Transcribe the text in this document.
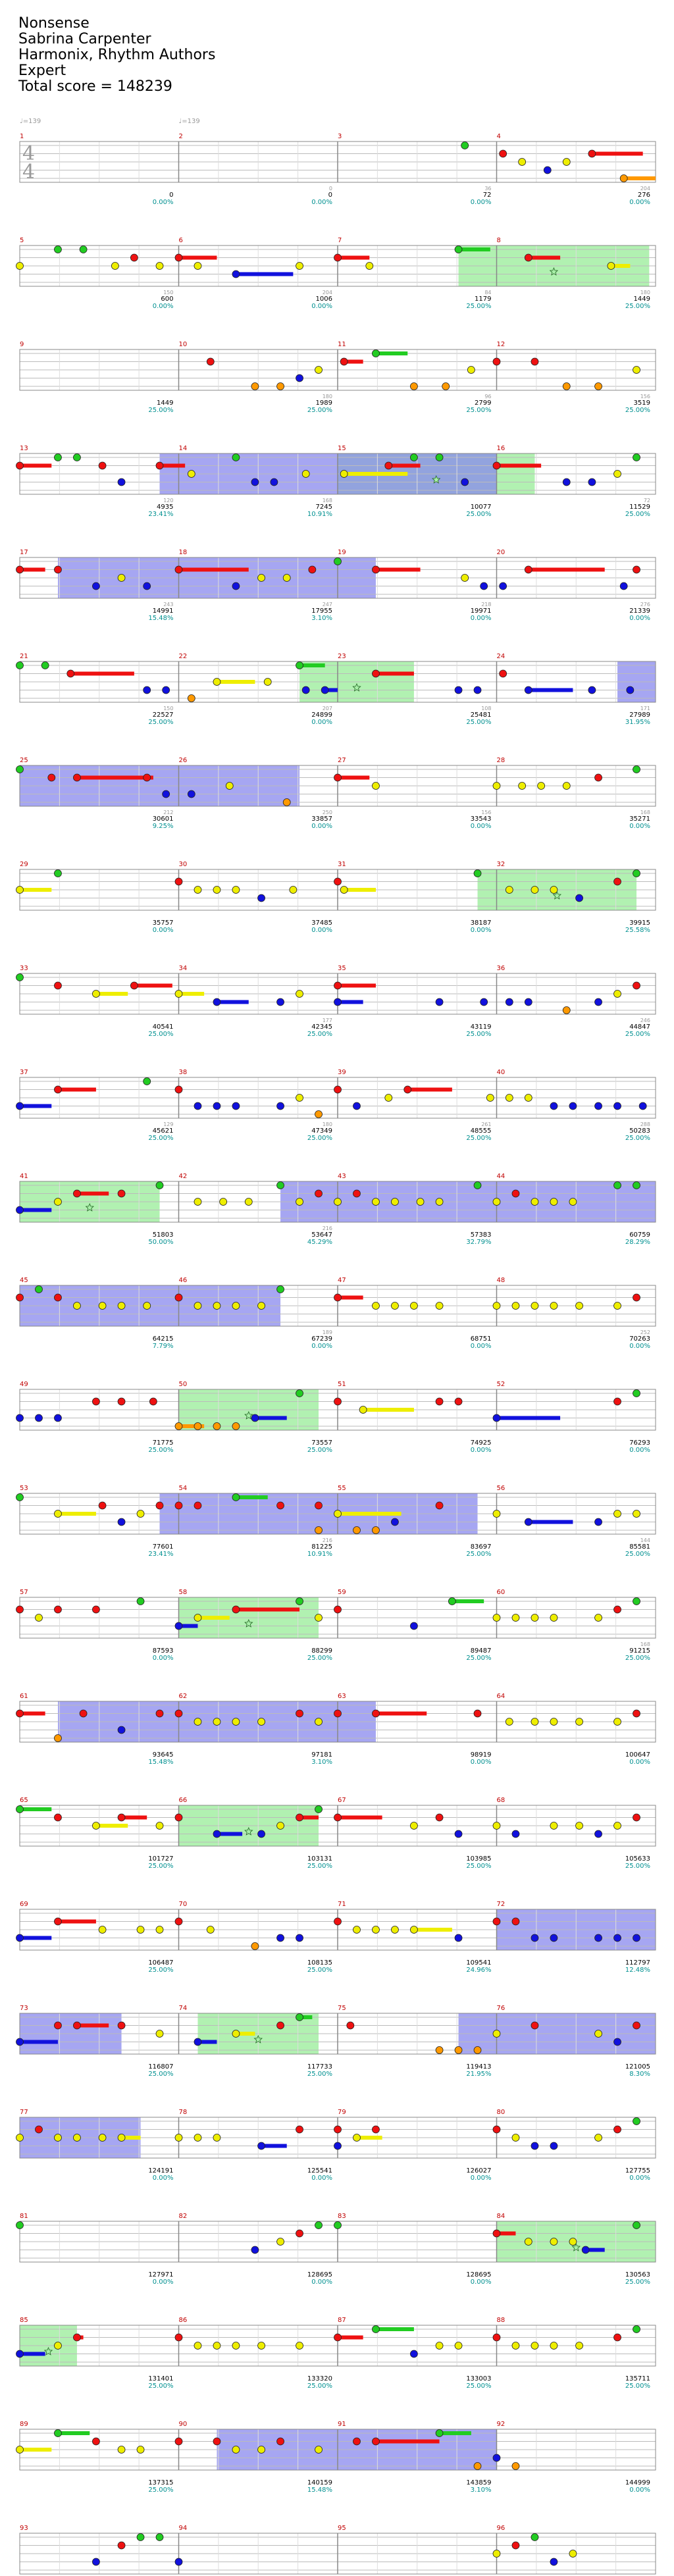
Nonsense
Sabrina Carpenter
Harmonix, Rhythm Authors
Expert
Total score = 148239
1	2	3	4
♩=139	♩=139
4
4
0
0.00%
0
0
0.00%
36
72
0.00%
204
276
0.00%
5	6	7	8
150
600
0.00%
204
1006
0.00%
84
1179
25.00%
180
1449
25.00%
9	10	11	12
1449
25.00%
180
1989
25.00%
96
2799
25.00%
156
3519
25.00%
13	14	15	16
120
4935
23.41%
168
7245
10.91%
10077
25.00%
72
11529
25.00%
17	18	19	20
243
14991
15.48%
247
17955
3.10%
218
19971
0.00%
276
21339
0.00%
21	22	23	24
150
22527
25.00%
207
24899
0.00%
108
25481
25.00%
171
27989
31.95%
25	26	27	28
212
30601
9.25%
250
33857
0.00%
156
33543
0.00%
168
35271
0.00%
29	30	31	32
35757
0.00%
37485
0.00%
38187
0.00%
39915
25.58%
33	34	35	36
40541
25.00%
177
42345
25.00%
43119
25.00%
246
44847
25.00%
37	38	39	40
129
45621
25.00%
180
47349
25.00%
261
48555
25.00%
288
50283
25.00%
41	42	43	44
51803
50.00%
216
53647
45.29%
57383
32.79%
60759
28.29%
45	46	47	48
64215
7.79%
189
67239
0.00%
68751
0.00%
252
70263
0.00%
49	50	51	52
71775
25.00%
73557
25.00%
74925
0.00%
76293
0.00%
53	54	55	56
77601
23.41%
216
81225
10.91%
83697
25.00%
144
85581
25.00%
57	58	59	60
87593
0.00%
88299
25.00%
89487
25.00%
168
91215
25.00%
61	62	63	64
93645
15.48%
97181
3.10%
98919
0.00%
100647
0.00%
65	66	67	68
101727
25.00%
103131
25.00%
103985
25.00%
105633
25.00%
69	70	71	72
106487
25.00%
108135
25.00%
109541
24.96%
112797
12.48%
73	74	75	76
116807
25.00%
117733
25.00%
119413
21.95%
121005
8.30%
77	78	79	80
124191
0.00%
125541
0.00%
126027
0.00%
127755
0.00%
81	82	83	84
127971
0.00%
128695
0.00%
128695
0.00%
130563
25.00%
85	86	87	88
131401
25.00%
133320
25.00%
133003
25.00%
135711
25.00%
89	90	91	92
137315
25.00%
140159
15.48%
143859
3.10%
144999
0.00%
93	94	95	96
